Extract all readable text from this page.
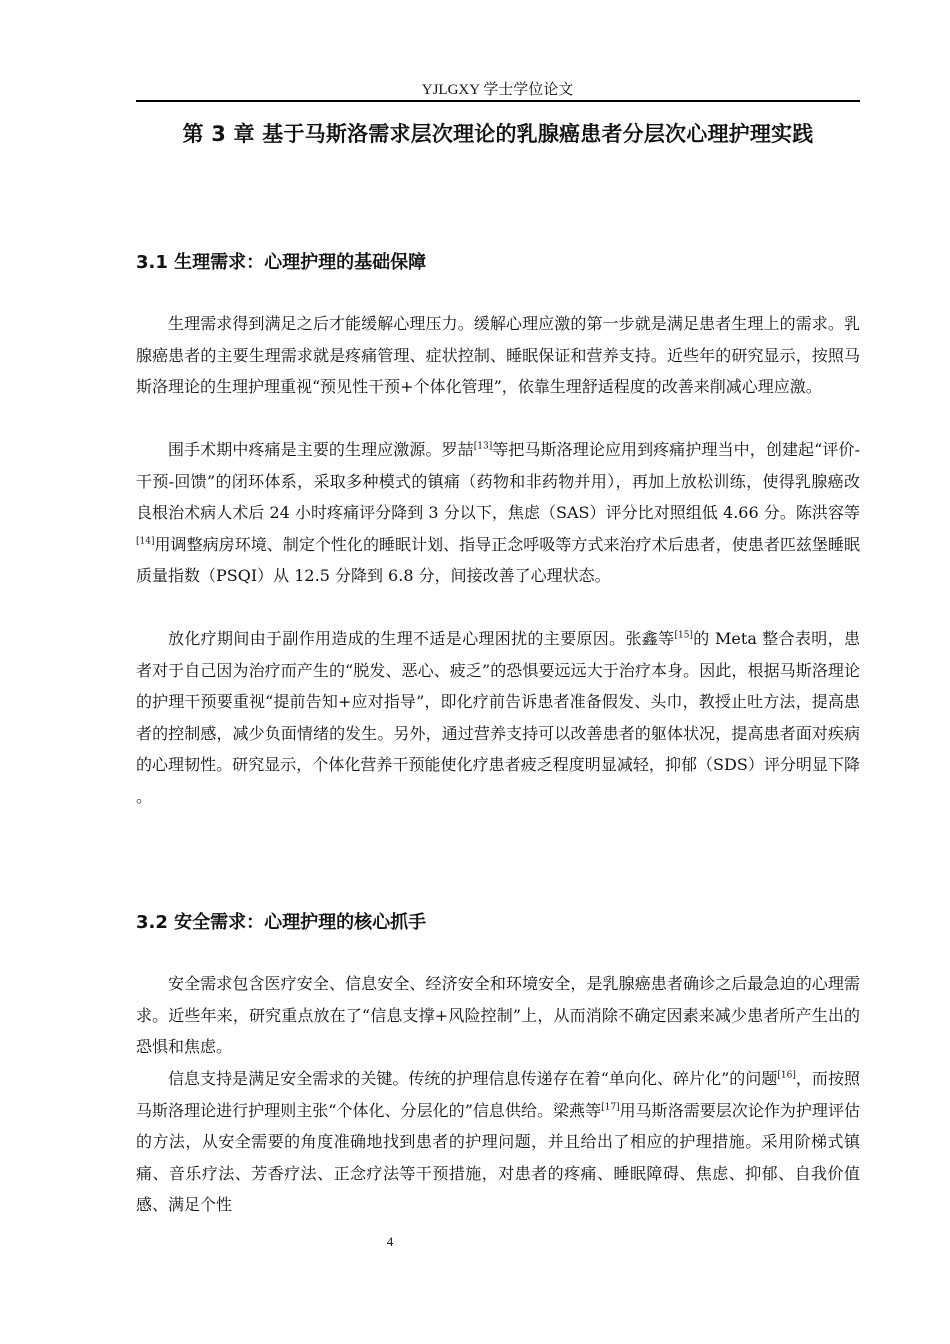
YJLGXY 学士学位论文
第 3 章 基于马斯洛需求层次理论的乳腺癌患者分层次心理护理实践
3.1 生理需求：心理护理的基础保障

生理需求得到满足之后才能缓解心理压力。缓解心理应激的第一步就是满足患者生理上的需求。乳腺癌患者的主要生理需求就是疼痛管理、症状控制、睡眠保证和营养支持。近些年的研究显示，按照马斯洛理论的生理护理重视“预见性干预+个体化管理”，依靠生理舒适程度的改善来削减心理应激。

围手术期中疼痛是主要的生理应激源。罗喆[13]等把马斯洛理论应用到疼痛护理当中，创建起“评价-干预-回馈”的闭环体系，采取多种模式的镇痛（药物和非药物并用），再加上放松训练，使得乳腺癌改良根治术病人术后 24 小时疼痛评分降到 3 分以下，焦虑（SAS）评分比对照组低 4.66 分。陈洪容等[14]用调整病房环境、制定个性化的睡眠计划、指导正念呼吸等方式来治疗术后患者，使患者匹兹堡睡眠质量指数（PSQI）从 12.5 分降到 6.8 分，间接改善了心理状态。

放化疗期间由于副作用造成的生理不适是心理困扰的主要原因。张鑫等[15]的 Meta 整合表明，患者对于自己因为治疗而产生的“脱发、恶心、疲乏”的恐惧要远远大于治疗本身。因此，根据马斯洛理论的护理干预要重视“提前告知+应对指导”，即化疗前告诉患者准备假发、头巾，教授止吐方法，提高患者的控制感，减少负面情绪的发生。另外，通过营养支持可以改善患者的躯体状况，提高患者面对疾病的心理韧性。研究显示，个体化营养干预能使化疗患者疲乏程度明显减轻，抑郁（SDS）评分明显下降 。

3.2 安全需求：心理护理的核心抓手

安全需求包含医疗安全、信息安全、经济安全和环境安全，是乳腺癌患者确诊之后最急迫的心理需求。近些年来，研究重点放在了“信息支撑+风险控制”上，从而消除不确定因素来减少患者所产生出的恐惧和焦虑。

信息支持是满足安全需求的关键。传统的护理信息传递存在着“单向化、碎片化”的问题[16]，而按照马斯洛理论进行护理则主张“个体化、分层化的”信息供给。梁燕等[17]用马斯洛需要层次论作为护理评估的方法，从安全需要的角度准确地找到患者的护理问题，并且给出了相应的护理措施。采用阶梯式镇痛、音乐疗法、芳香疗法、正念疗法等干预措施，对患者的疼痛、睡眠障碍、焦虑、抑郁、自我价值感、满足个性

4
